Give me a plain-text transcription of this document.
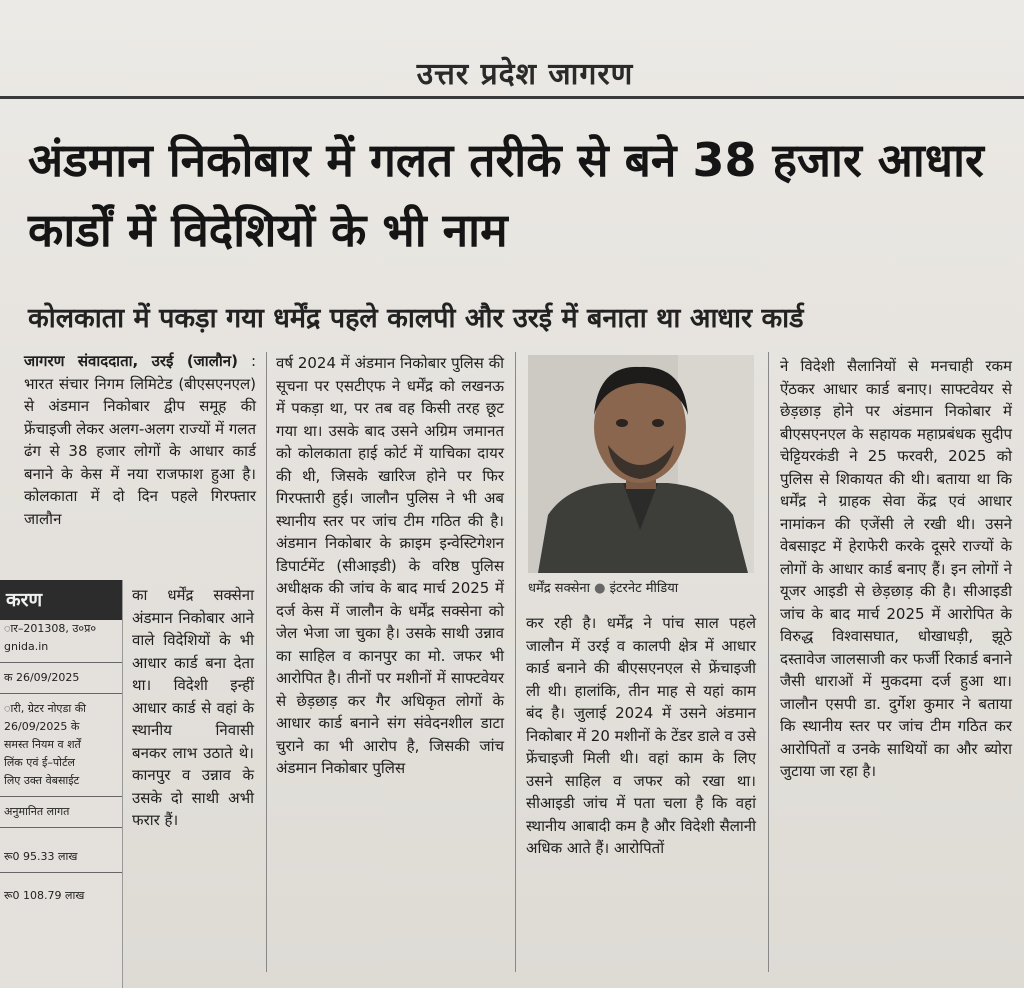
उत्तर प्रदेश जागरण
अंडमान निकोबार में गलत तरीके से बने 38 हजार आधार कार्डों में विदेशियों के भी नाम
कोलकाता में पकड़ा गया धर्मेंद्र पहले कालपी और उरई में बनाता था आधार कार्ड
जागरण संवाददाता, उरई (जालौन) : भारत संचार निगम लिमिटेड (बीएसएनएल) से अंडमान निकोबार द्वीप समूह की फ्रेंचाइजी लेकर अलग-अलग राज्यों में गलत ढंग से 38 हजार लोगों के आधार कार्ड बनाने के केस में नया राजफाश हुआ है। कोलकाता में दो दिन पहले गिरफ्तार जालौन
करण
ार–201308, उ०प्र०
gnida.in
क 26/09/2025
ारी, ग्रेटर नोएडा की
26/09/2025 के
समस्त नियम व शर्तें
लिंक एवं ई–पोर्टल
लिए उक्त वेबसाईट
अनुमानित लागत
रू0 95.33 लाख
रू0 108.79 लाख
का धर्मेंद्र सक्सेना अंडमान निकोबार आने वाले विदेशियों के भी आधार कार्ड बना देता था। विदेशी इन्हीं आधार कार्ड से वहां के स्थानीय निवासी बनकर लाभ उठाते थे। कानपुर व उन्नाव के उसके दो साथी अभी फरार हैं।
वर्ष 2024 में अंडमान निकोबार पुलिस की सूचना पर एसटीएफ ने धर्मेंद्र को लखनऊ में पकड़ा था, पर तब वह किसी तरह छूट गया था। उसके बाद उसने अग्रिम जमानत को कोलकाता हाई कोर्ट में याचिका दायर की थी, जिसके खारिज होने पर फिर गिरफ्तारी हुई। जालौन पुलिस ने भी अब स्थानीय स्तर पर जांच टीम गठित की है। अंडमान निकोबार के क्राइम इन्वेस्टिगेशन डिपार्टमेंट (सीआइडी) के वरिष्ठ पुलिस अधीक्षक की जांच के बाद मार्च 2025 में दर्ज केस में जालौन के धर्मेंद्र सक्सेना को जेल भेजा जा चुका है। उसके साथी उन्नाव का साहिल व कानपुर का मो. जफर भी आरोपित है। तीनों पर मशीनों में साफ्टवेयर से छेड़छाड़ कर गैर अधिकृत लोगों के आधार कार्ड बनाने संग संवेदनशील डाटा चुराने का भी आरोप है, जिसकी जांच अंडमान निकोबार पुलिस
धर्मेंद्र सक्सेना ● इंटरनेट मीडिया
कर रही है। धर्मेंद्र ने पांच साल पहले जालौन में उरई व कालपी क्षेत्र में आधार कार्ड बनाने की बीएसएनएल से फ्रेंचाइजी ली थी। हालांकि, तीन माह से यहां काम बंद है। जुलाई 2024 में उसने अंडमान निकोबार में 20 मशीनों के टेंडर डाले व उसे फ्रेंचाइजी मिली थी। वहां काम के लिए उसने साहिल व जफर को रखा था। सीआइडी जांच में पता चला है कि वहां स्थानीय आबादी कम है और विदेशी सैलानी अधिक आते हैं। आरोपितों
ने विदेशी सैलानियों से मनचाही रकम ऐंठकर आधार कार्ड बनाए। साफ्टवेयर से छेड़छाड़ होने पर अंडमान निकोबार में बीएसएनएल के सहायक महाप्रबंधक सुदीप चेट्टियरकंडी ने 25 फरवरी, 2025 को पुलिस से शिकायत की थी। बताया था कि धर्मेंद्र ने ग्राहक सेवा केंद्र एवं आधार नामांकन की एजेंसी ले रखी थी। उसने वेबसाइट में हेराफेरी करके दूसरे राज्यों के लोगों के आधार कार्ड बनाए हैं। इन लोगों ने यूजर आइडी से छेड़छाड़ की है। सीआइडी जांच के बाद मार्च 2025 में आरोपित के विरुद्ध विश्वासघात, धोखाधड़ी, झूठे दस्तावेज जालसाजी कर फर्जी रिकार्ड बनाने जैसी धाराओं में मुकदमा दर्ज हुआ था। जालौन एसपी डा. दुर्गेश कुमार ने बताया कि स्थानीय स्तर पर जांच टीम गठित कर आरोपितों व उनके साथियों का और ब्योरा जुटाया जा रहा है।
